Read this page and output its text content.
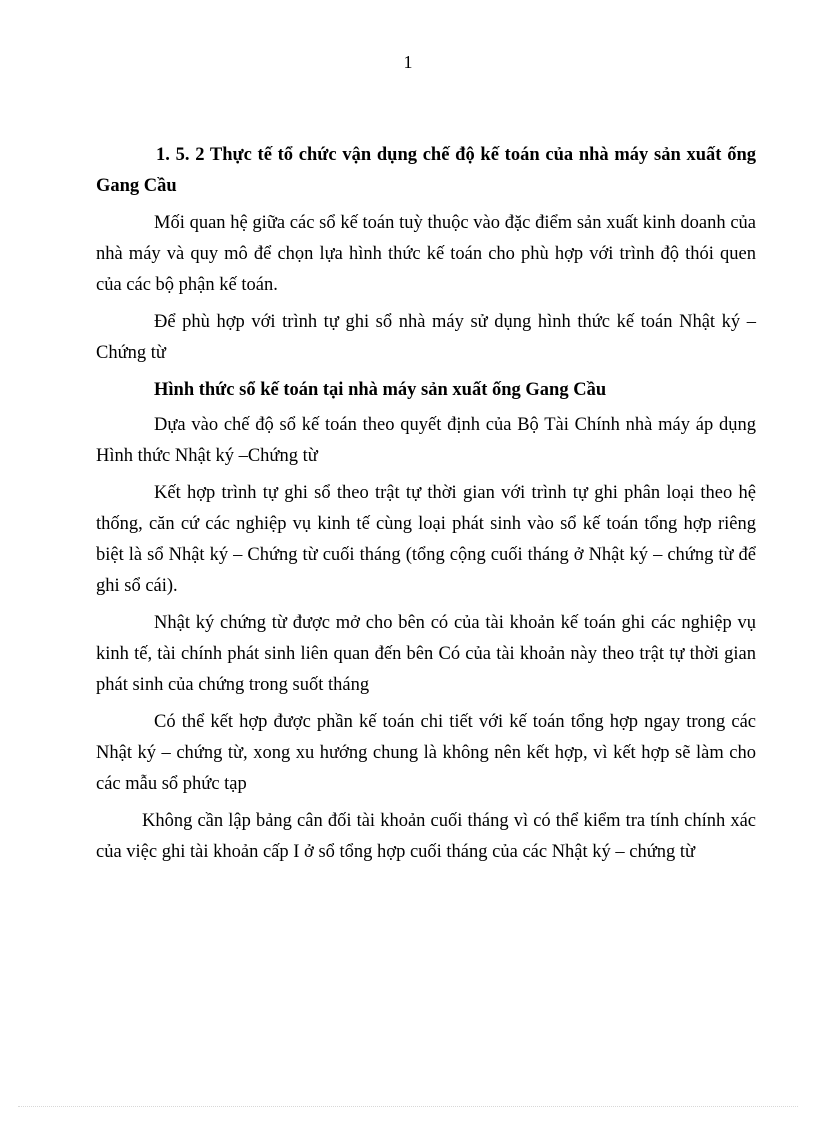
1

1. 5. 2 Thực tế tổ chức vận dụng chế độ kế toán của nhà máy sản xuất ống Gang Cầu

Mối quan hệ giữa các sổ kế toán tuỳ thuộc vào đặc điểm sản xuất kinh doanh của nhà máy và quy mô để chọn lựa hình thức kế toán cho phù hợp với trình độ thói quen của các bộ phận kế toán.

Để phù hợp với trình tự ghi sổ nhà máy sử dụng hình thức kế toán Nhật ký – Chứng từ

Hình thức sổ kế toán tại nhà máy sản xuất ống Gang Cầu

Dựa vào chế độ sổ kế toán theo quyết định của Bộ Tài Chính nhà máy áp dụng Hình thức Nhật ký –Chứng từ

Kết hợp trình tự ghi sổ theo trật tự thời gian với trình tự ghi phân loại theo hệ thống, căn cứ các nghiệp vụ kinh tế cùng loại phát sinh vào sổ kế toán tổng hợp riêng biệt là sổ Nhật ký – Chứng từ cuối tháng (tổng cộng cuối tháng ở Nhật ký – chứng từ để ghi sổ cái).

Nhật ký chứng từ được mở cho bên có của tài khoản kế toán ghi các nghiệp vụ kinh tế, tài chính phát sinh liên quan đến bên Có của tài khoản này theo trật tự thời gian phát sinh của chứng trong suốt tháng

Có thể kết hợp được phần kế toán chi tiết với kế toán tổng hợp ngay trong các Nhật ký – chứng từ, xong xu hướng chung là không nên kết hợp, vì kết hợp sẽ làm cho các mẫu sổ phức tạp

Không cần lập bảng cân đối tài khoản cuối tháng vì có thể kiểm tra tính chính xác của việc ghi tài khoản cấp I ở sổ tổng hợp cuối tháng của các Nhật ký – chứng từ
